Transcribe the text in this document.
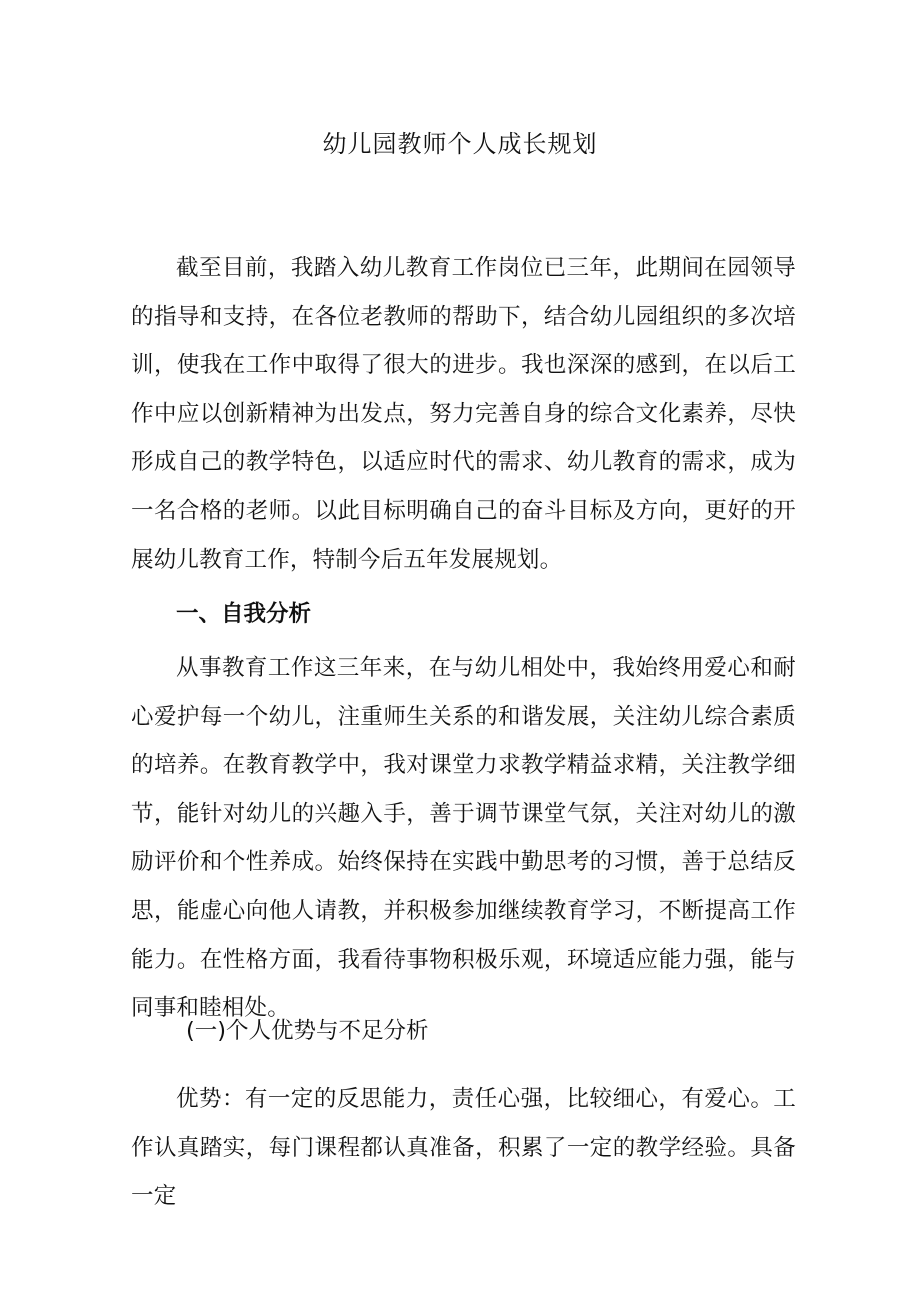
幼儿园教师个人成长规划

截至目前，我踏入幼儿教育工作岗位已三年，此期间在园领导的指导和支持，在各位老教师的帮助下，结合幼儿园组织的多次培训，使我在工作中取得了很大的进步。我也深深的感到，在以后工作中应以创新精神为出发点，努力完善自身的综合文化素养，尽快形成自己的教学特色，以适应时代的需求、幼儿教育的需求，成为一名合格的老师。以此目标明确自己的奋斗目标及方向，更好的开展幼儿教育工作，特制今后五年发展规划。

一、自我分析

从事教育工作这三年来，在与幼儿相处中，我始终用爱心和耐心爱护每一个幼儿，注重师生关系的和谐发展，关注幼儿综合素质的培养。在教育教学中，我对课堂力求教学精益求精，关注教学细节，能针对幼儿的兴趣入手，善于调节课堂气氛，关注对幼儿的激励评价和个性养成。始终保持在实践中勤思考的习惯，善于总结反思，能虚心向他人请教，并积极参加继续教育学习，不断提高工作能力。在性格方面，我看待事物积极乐观，环境适应能力强，能与同事和睦相处。

(一)个人优势与不足分析

优势：有一定的反思能力，责任心强，比较细心，有爱心。工作认真踏实，每门课程都认真准备，积累了一定的教学经验。具备一定
